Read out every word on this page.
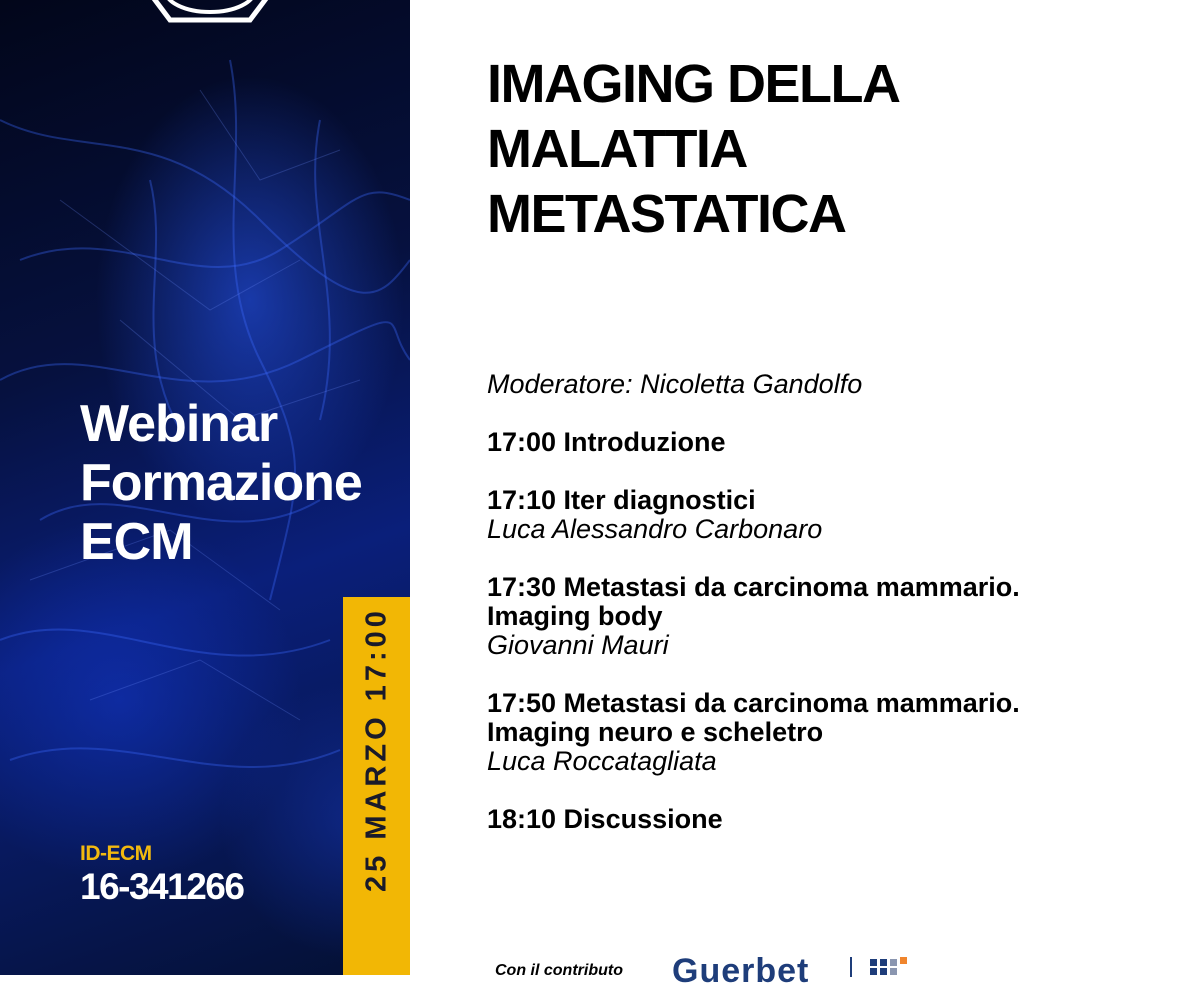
Webinar
Formazione
ECM
ID-ECM
16-341266	25 MARZO 17:00
IMAGING DELLA
MALATTIA
METASTATICA
Moderatore: Nicoletta Gandolfo
17:00 Introduzione
17:10 Iter diagnostici
Luca Alessandro Carbonaro
17:30 Metastasi da carcinoma mammario.
Imaging body
Giovanni Mauri
17:50 Metastasi da carcinoma mammario.
Imaging neuro e scheletro
Luca Roccatagliata
18:10 Discussione
Con il contributo Guerbet
